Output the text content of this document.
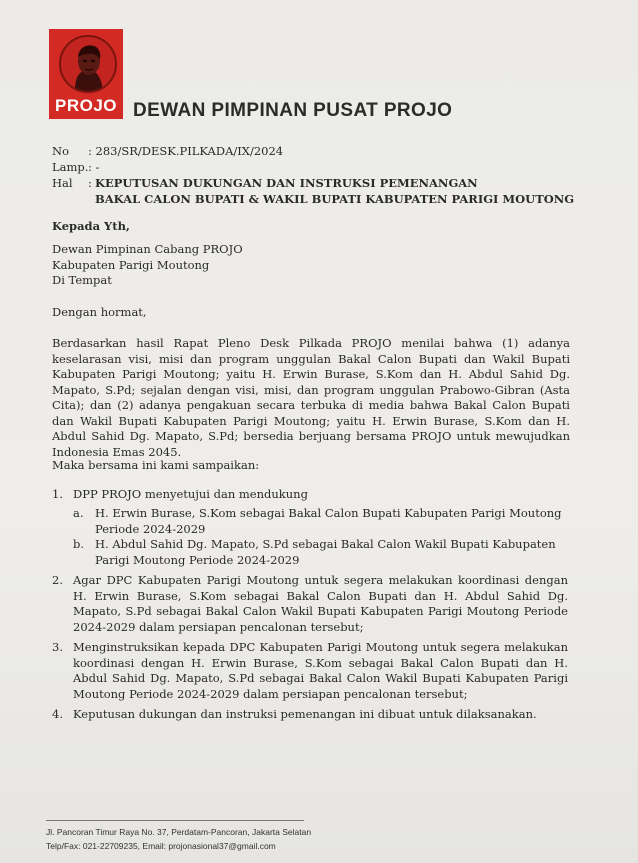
PROJO DEWAN PIMPINAN PUSAT PROJO
No : 283/SR/DESK.PILKADA/IX/2024
Lamp.: -
Hal : KEPUTUSAN DUKUNGAN DAN INSTRUKSI PEMENANGAN
BAKAL CALON BUPATI & WAKIL BUPATI KABUPATEN PARIGI MOUTONG
Kepada Yth,
Dewan Pimpinan Cabang PROJO
Kabupaten Parigi Moutong
Di Tempat
Dengan hormat,
Berdasarkan hasil Rapat Pleno Desk Pilkada PROJO menilai bahwa (1) adanya keselarasan visi, misi dan program unggulan Bakal Calon Bupati dan Wakil Bupati Kabupaten Parigi Moutong; yaitu H. Erwin Burase, S.Kom dan H. Abdul Sahid Dg. Mapato, S.Pd; sejalan dengan visi, misi, dan program unggulan Prabowo-Gibran (Asta Cita); dan (2) adanya pengakuan secara terbuka di media bahwa Bakal Calon Bupati dan Wakil Bupati Kabupaten Parigi Moutong; yaitu H. Erwin Burase, S.Kom dan H. Abdul Sahid Dg. Mapato, S.Pd; bersedia berjuang bersama PROJO untuk mewujudkan Indonesia Emas 2045.
Maka bersama ini kami sampaikan:
1. DPP PROJO menyetujui dan mendukung
a. H. Erwin Burase, S.Kom sebagai Bakal Calon Bupati Kabupaten Parigi Moutong Periode 2024-2029
b. H. Abdul Sahid Dg. Mapato, S.Pd sebagai Bakal Calon Wakil Bupati Kabupaten Parigi Moutong Periode 2024-2029
2. Agar DPC Kabupaten Parigi Moutong untuk segera melakukan koordinasi dengan H. Erwin Burase, S.Kom sebagai Bakal Calon Bupati dan H. Abdul Sahid Dg. Mapato, S.Pd sebagai Bakal Calon Wakil Bupati Kabupaten Parigi Moutong Periode 2024-2029 dalam persiapan pencalonan tersebut;
3. Menginstruksikan kepada DPC Kabupaten Parigi Moutong untuk segera melakukan koordinasi dengan H. Erwin Burase, S.Kom sebagai Bakal Calon Bupati dan H. Abdul Sahid Dg. Mapato, S.Pd sebagai Bakal Calon Wakil Bupati Kabupaten Parigi Moutong Periode 2024-2029 dalam persiapan pencalonan tersebut;
4. Keputusan dukungan dan instruksi pemenangan ini dibuat untuk dilaksanakan.
Jl. Pancoran Timur Raya No. 37, Perdatam-Pancoran, Jakarta Selatan
Telp/Fax: 021-22709235, Email: projonasional37@gmail.com
